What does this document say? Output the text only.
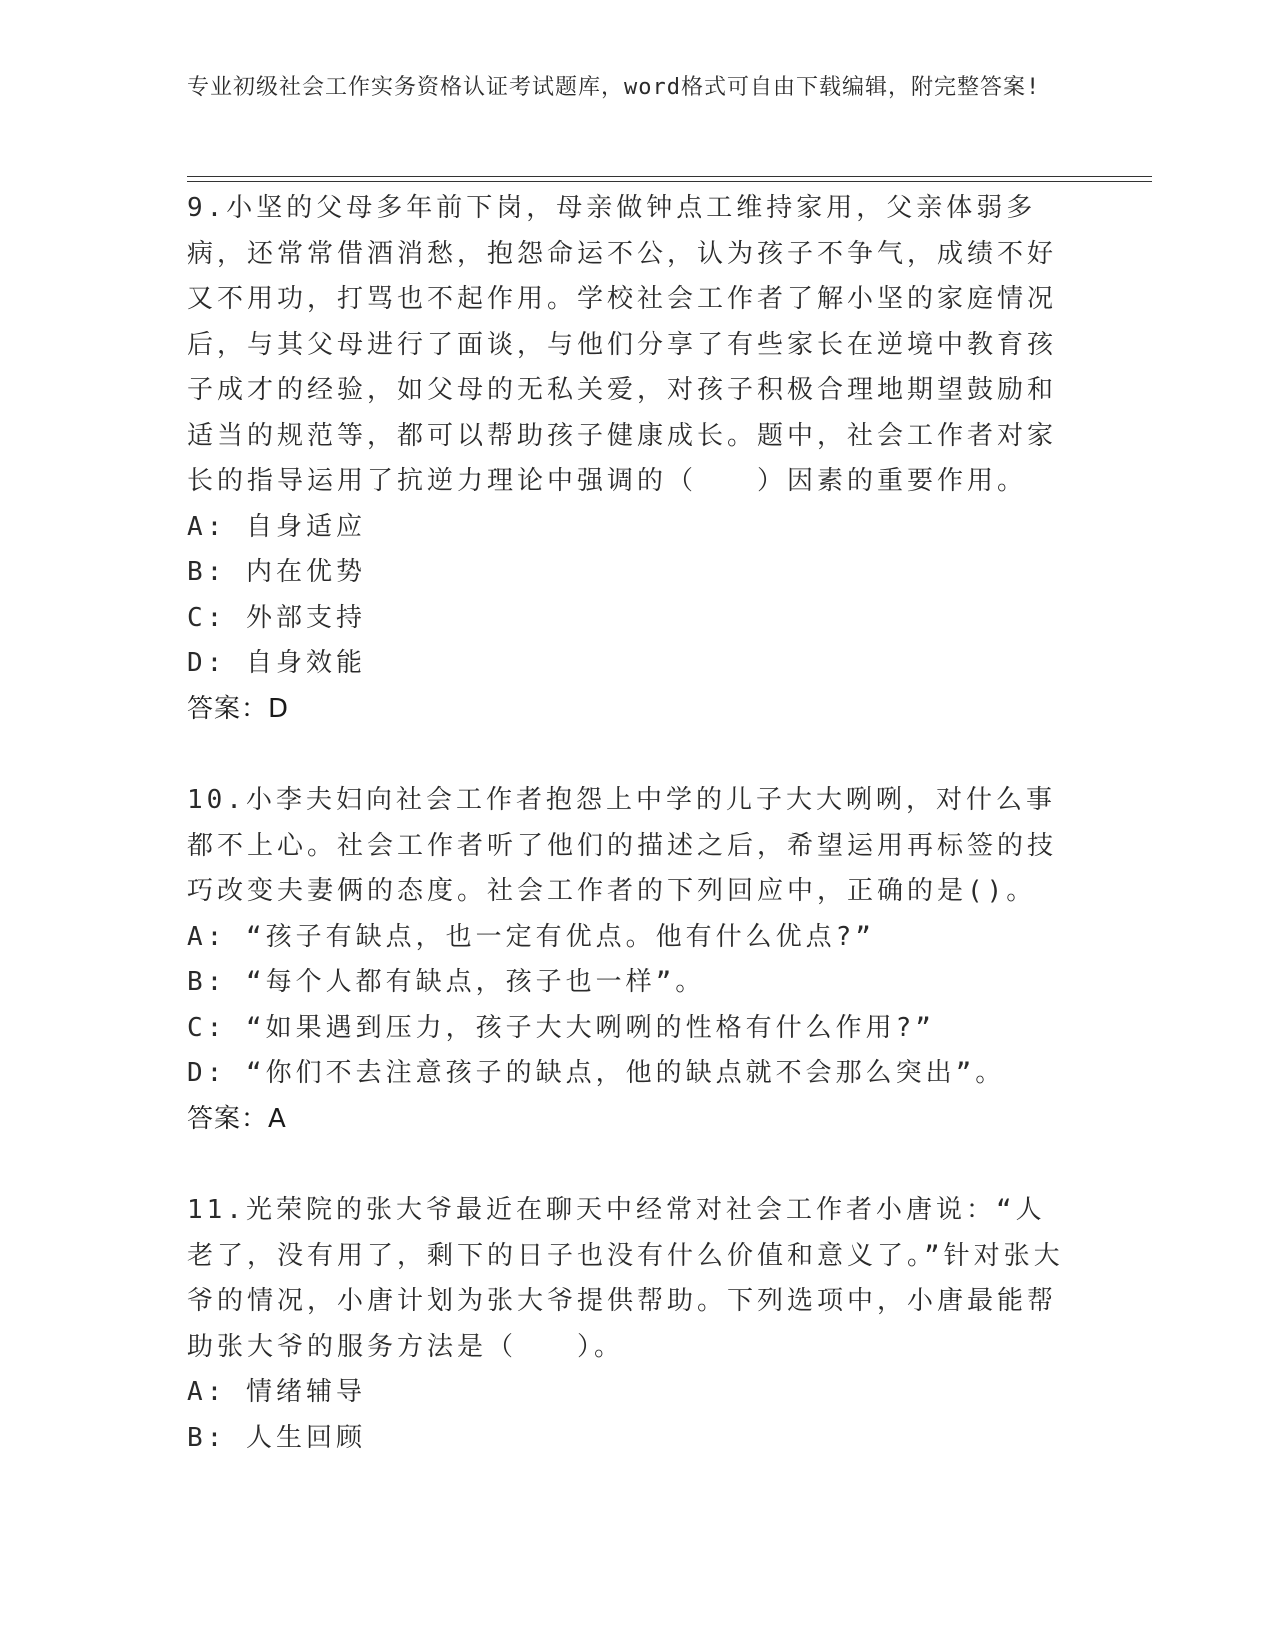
专业初级社会工作实务资格认证考试题库，word格式可自由下载编辑，附完整答案!

9.小坚的父母多年前下岗，母亲做钟点工维持家用，父亲体弱多病，还常常借酒消愁，抱怨命运不公，认为孩子不争气，成绩不好又不用功，打骂也不起作用。学校社会工作者了解小坚的家庭情况后，与其父母进行了面谈，与他们分享了有些家长在逆境中教育孩子成才的经验，如父母的无私关爱，对孩子积极合理地期望鼓励和适当的规范等，都可以帮助孩子健康成长。题中，社会工作者对家长的指导运用了抗逆力理论中强调的（　　）因素的重要作用。

A: 自身适应
B: 内在优势
C: 外部支持
D: 自身效能
答案：D

10.小李夫妇向社会工作者抱怨上中学的儿子大大咧咧，对什么事都不上心。社会工作者听了他们的描述之后，希望运用再标签的技巧改变夫妻俩的态度。社会工作者的下列回应中，正确的是()。

A: “孩子有缺点，也一定有优点。他有什么优点?”
B: “每个人都有缺点，孩子也一样”。
C: “如果遇到压力，孩子大大咧咧的性格有什么作用?”
D: “你们不去注意孩子的缺点，他的缺点就不会那么突出”。
答案：A

11.光荣院的张大爷最近在聊天中经常对社会工作者小唐说：“人老了，没有用了，剩下的日子也没有什么价值和意义了。”针对张大爷的情况，小唐计划为张大爷提供帮助。下列选项中，小唐最能帮助张大爷的服务方法是（　　）。

A: 情绪辅导
B: 人生回顾
